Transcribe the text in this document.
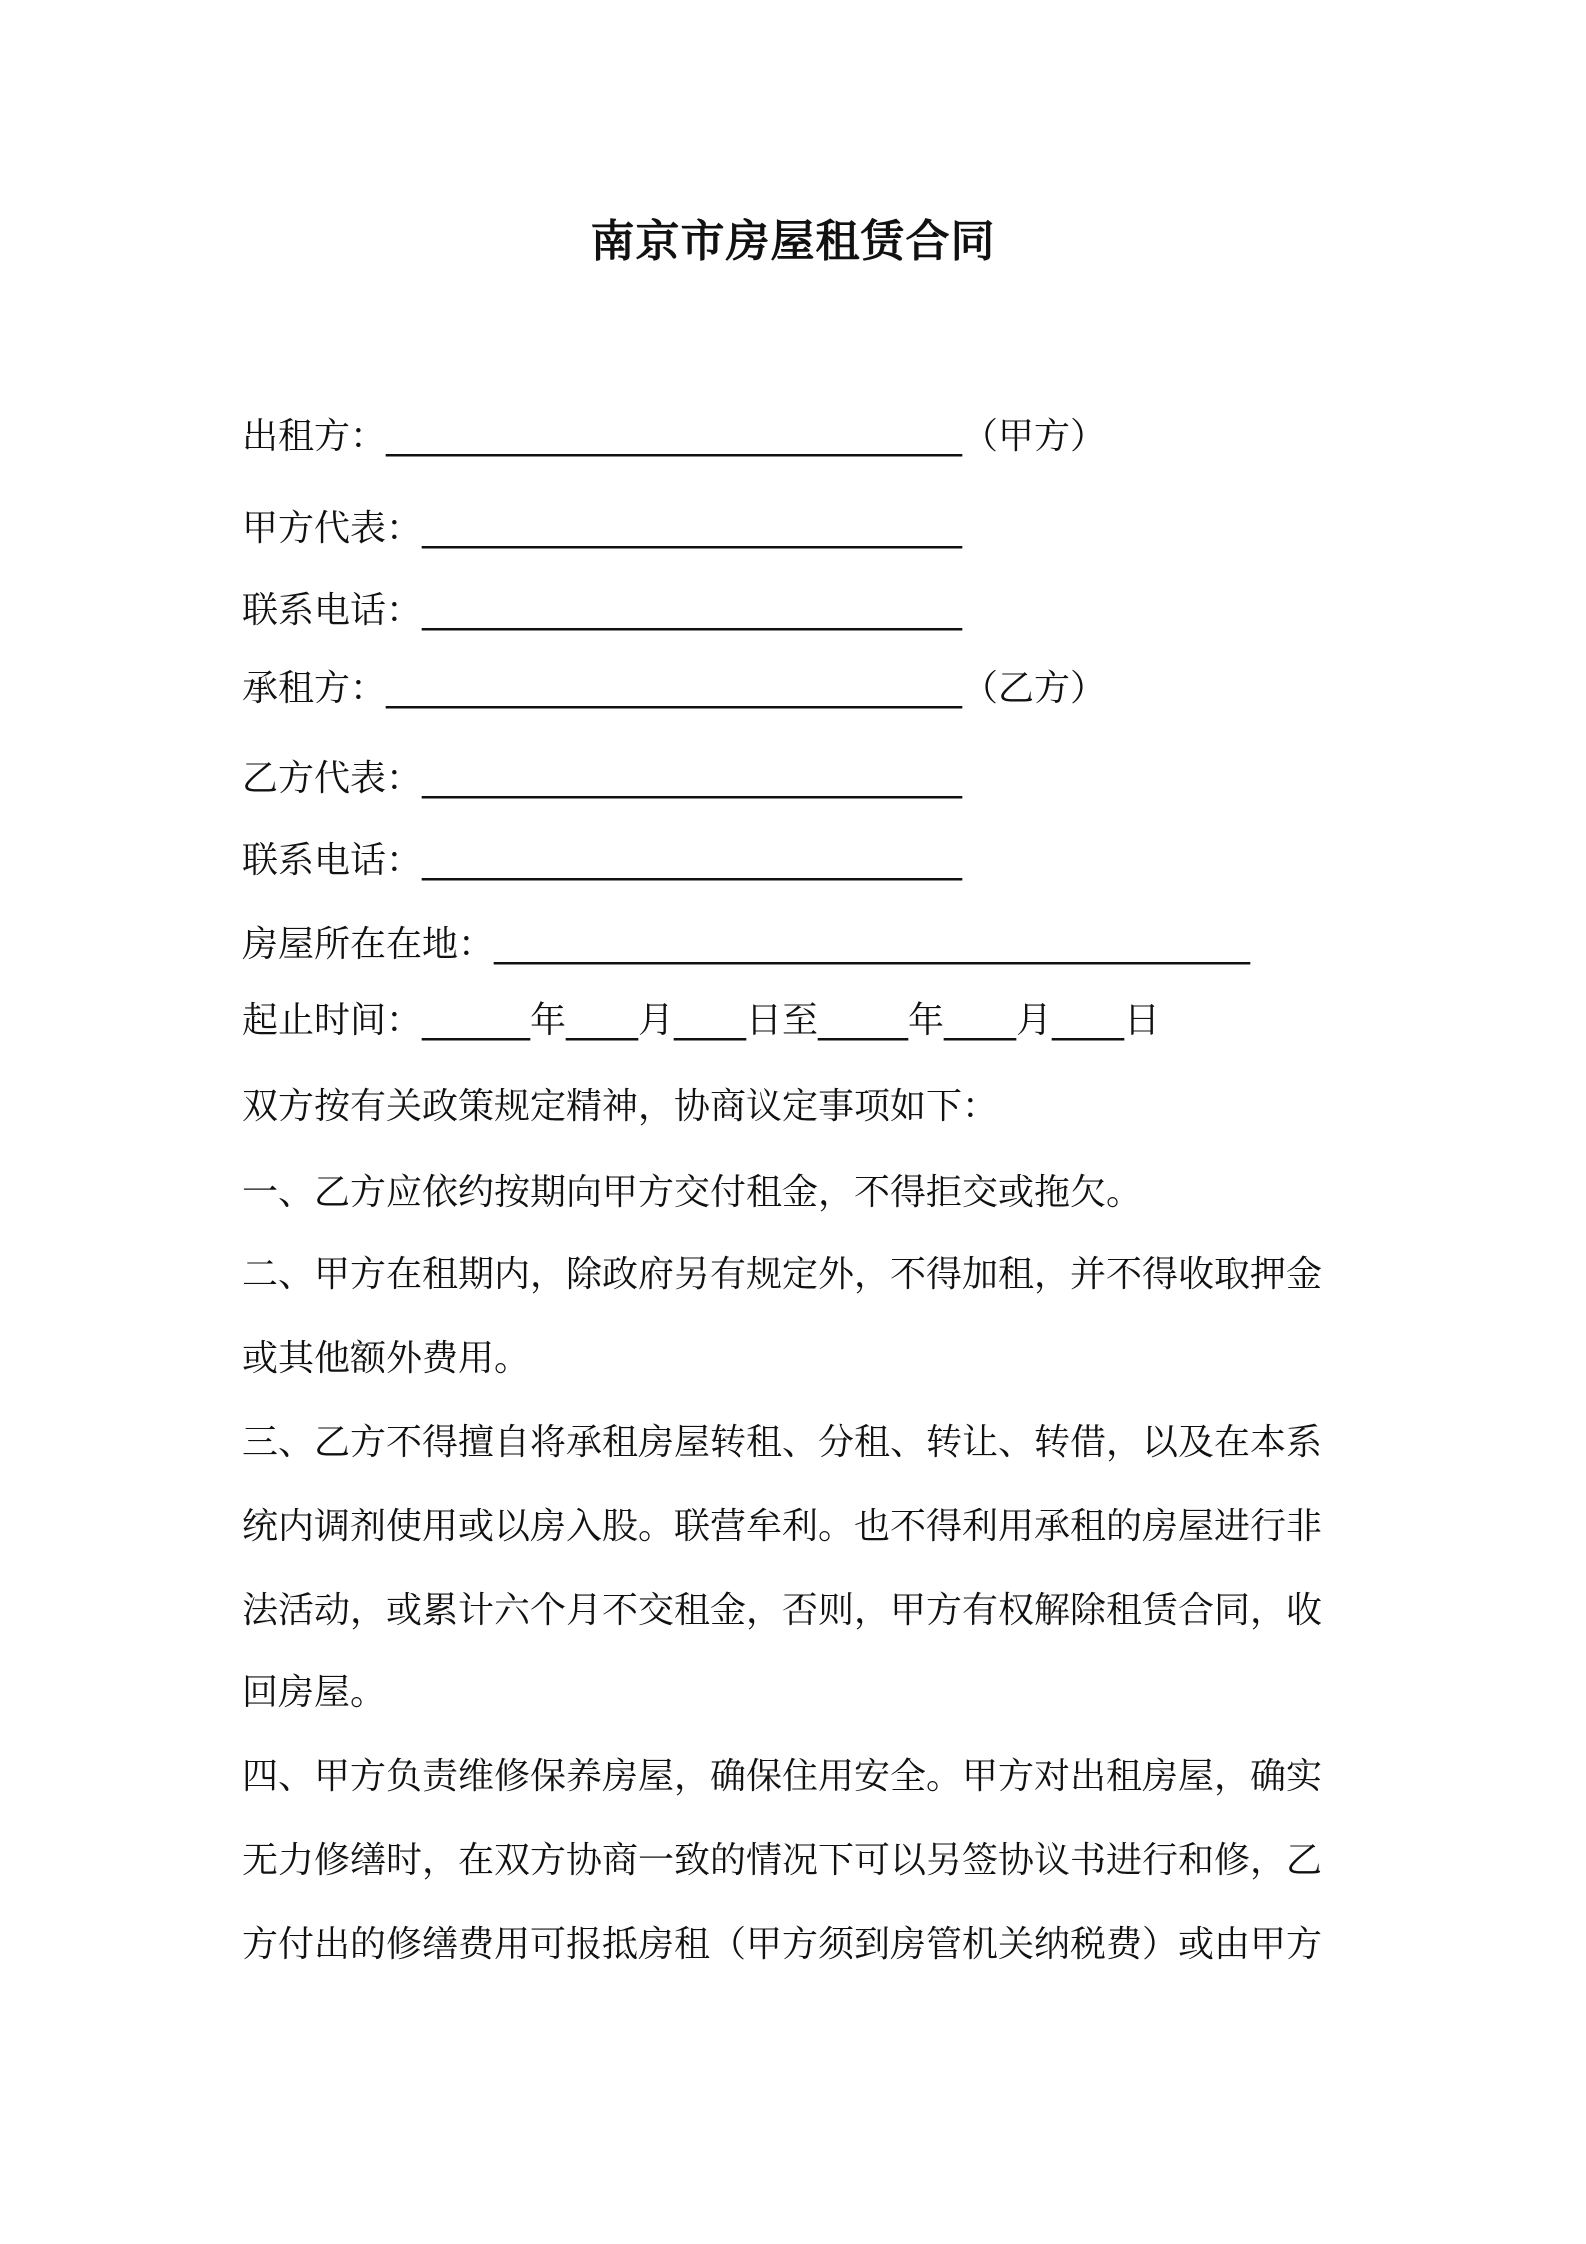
南京市房屋租赁合同
出租方：________________________________（甲方）
甲方代表：______________________________
联系电话：______________________________
承租方：________________________________（乙方）
乙方代表：______________________________
联系电话：______________________________
房屋所在在地：__________________________________________
起止时间：______年____月____日至_____年____月____日
双方按有关政策规定精神，协商议定事项如下：
一、乙方应依约按期向甲方交付租金，不得拒交或拖欠。
二、甲方在租期内，除政府另有规定外，不得加租，并不得收取押金
或其他额外费用。
三、乙方不得擅自将承租房屋转租、分租、转让、转借，以及在本系
统内调剂使用或以房入股。联营牟利。也不得利用承租的房屋进行非
法活动，或累计六个月不交租金，否则，甲方有权解除租赁合同，收
回房屋。
四、甲方负责维修保养房屋，确保住用安全。甲方对出租房屋，确实
无力修缮时，在双方协商一致的情况下可以另签协议书进行和修，乙
方付出的修缮费用可报抵房租（甲方须到房管机关纳税费）或由甲方
